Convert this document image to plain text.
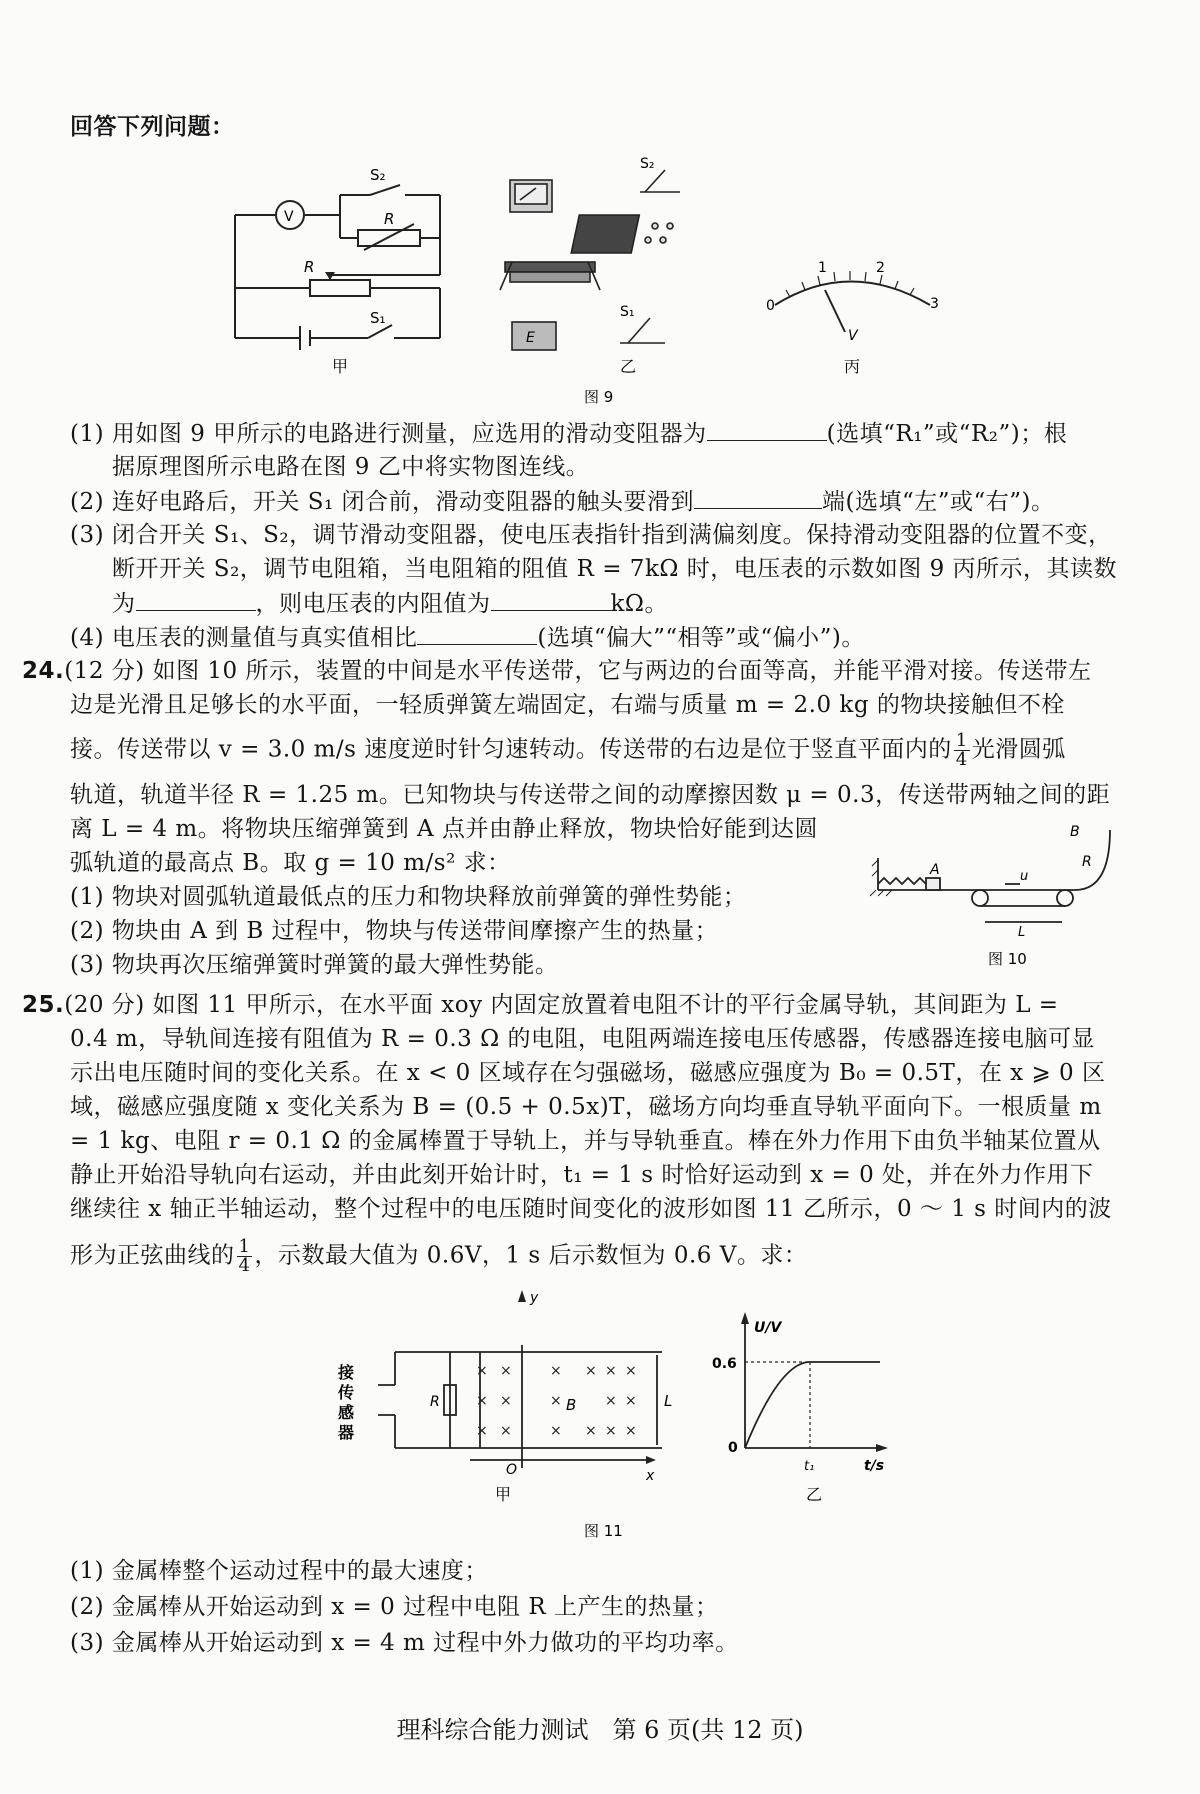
回答下列问题：
V
S₂
R
R
S₁
甲
E
S₂
S₁
乙
0
1	2
3
V
丙
图 9
(1) 用如图 9 甲所示的电路进行测量，应选用的滑动变阻器为	(选填“R₁”或“R₂”)；根
据原理图所示电路在图 9 乙中将实物图连线。
(2) 连好电路后，开关 S₁ 闭合前，滑动变阻器的触头要滑到	端(选填“左”或“右”)。
(3) 闭合开关 S₁、S₂，调节滑动变阻器，使电压表指针指到满偏刻度。保持滑动变阻器的位置不变，
断开开关 S₂，调节电阻箱，当电阻箱的阻值 R = 7kΩ 时，电压表的示数如图 9 丙所示，其读数
为	，则电压表的内阻值为	kΩ。
(4) 电压表的测量值与真实值相比	(选填“偏大”“相等”或“偏小”)。
24.(12 分) 如图 10 所示，装置的中间是水平传送带，它与两边的台面等高，并能平滑对接。传送带左
边是光滑且足够长的水平面，一轻质弹簧左端固定，右端与质量 m = 2.0 kg 的物块接触但不栓
接。传送带以 v = 3.0 m/s 速度逆时针匀速转动。传送带的右边是位于竖直平面内的 $\frac{1}{4}$ 光滑圆弧
轨道，轨道半径 R = 1.25 m。已知物块与传送带之间的动摩擦因数 μ = 0.3，传送带两轴之间的距
离 L = 4 m。将物块压缩弹簧到 A 点并由静止释放，物块恰好能到达圆
弧轨道的最高点 B。取 g = 10 m/s² 求：
(1) 物块对圆弧轨道最低点的压力和物块释放前弹簧的弹性势能；
(2) 物块由 A 到 B 过程中，物块与传送带间摩擦产生的热量；
(3) 物块再次压缩弹簧时弹簧的最大弹性势能。
B
R
A	u
L
图 10
25.(20 分) 如图 11 甲所示，在水平面 xoy 内固定放置着电阻不计的平行金属导轨，其间距为 L =
0.4 m，导轨间连接有阻值为 R = 0.3 Ω 的电阻，电阻两端连接电压传感器，传感器连接电脑可显
示出电压随时间的变化关系。在 x < 0 区域存在匀强磁场，磁感应强度为 B₀ = 0.5T，在 x ⩾ 0 区
域，磁感应强度随 x 变化关系为 B = (0.5 + 0.5x)T，磁场方向均垂直导轨平面向下。一根质量 m
= 1 kg、电阻 r = 0.1 Ω 的金属棒置于导轨上，并与导轨垂直。棒在外力作用下由负半轴某位置从
静止开始沿导轨向右运动，并由此刻开始计时，t₁ = 1 s 时恰好运动到 x = 0 处，并在外力作用下
继续往 x 轴正半轴运动，整个过程中的电压随时间变化的波形如图 11 乙所示，0 ～ 1 s 时间内的波
形为正弦曲线的 $\frac{1}{4}$ ，示数最大值为 0.6V，1 s 后示数恒为 0.6 V。求：
× ×	× × × ×
× ×	×	× ×
× ×	× × × ×
接
传
感
器
R	B	L
O	x
y
甲
U/V
0.6
0
t₁	t/s
乙
图 11
(1) 金属棒整个运动过程中的最大速度；
(2) 金属棒从开始运动到 x = 0 过程中电阻 R 上产生的热量；
(3) 金属棒从开始运动到 x = 4 m 过程中外力做功的平均功率。
理科综合能力测试　第 6 页(共 12 页)
